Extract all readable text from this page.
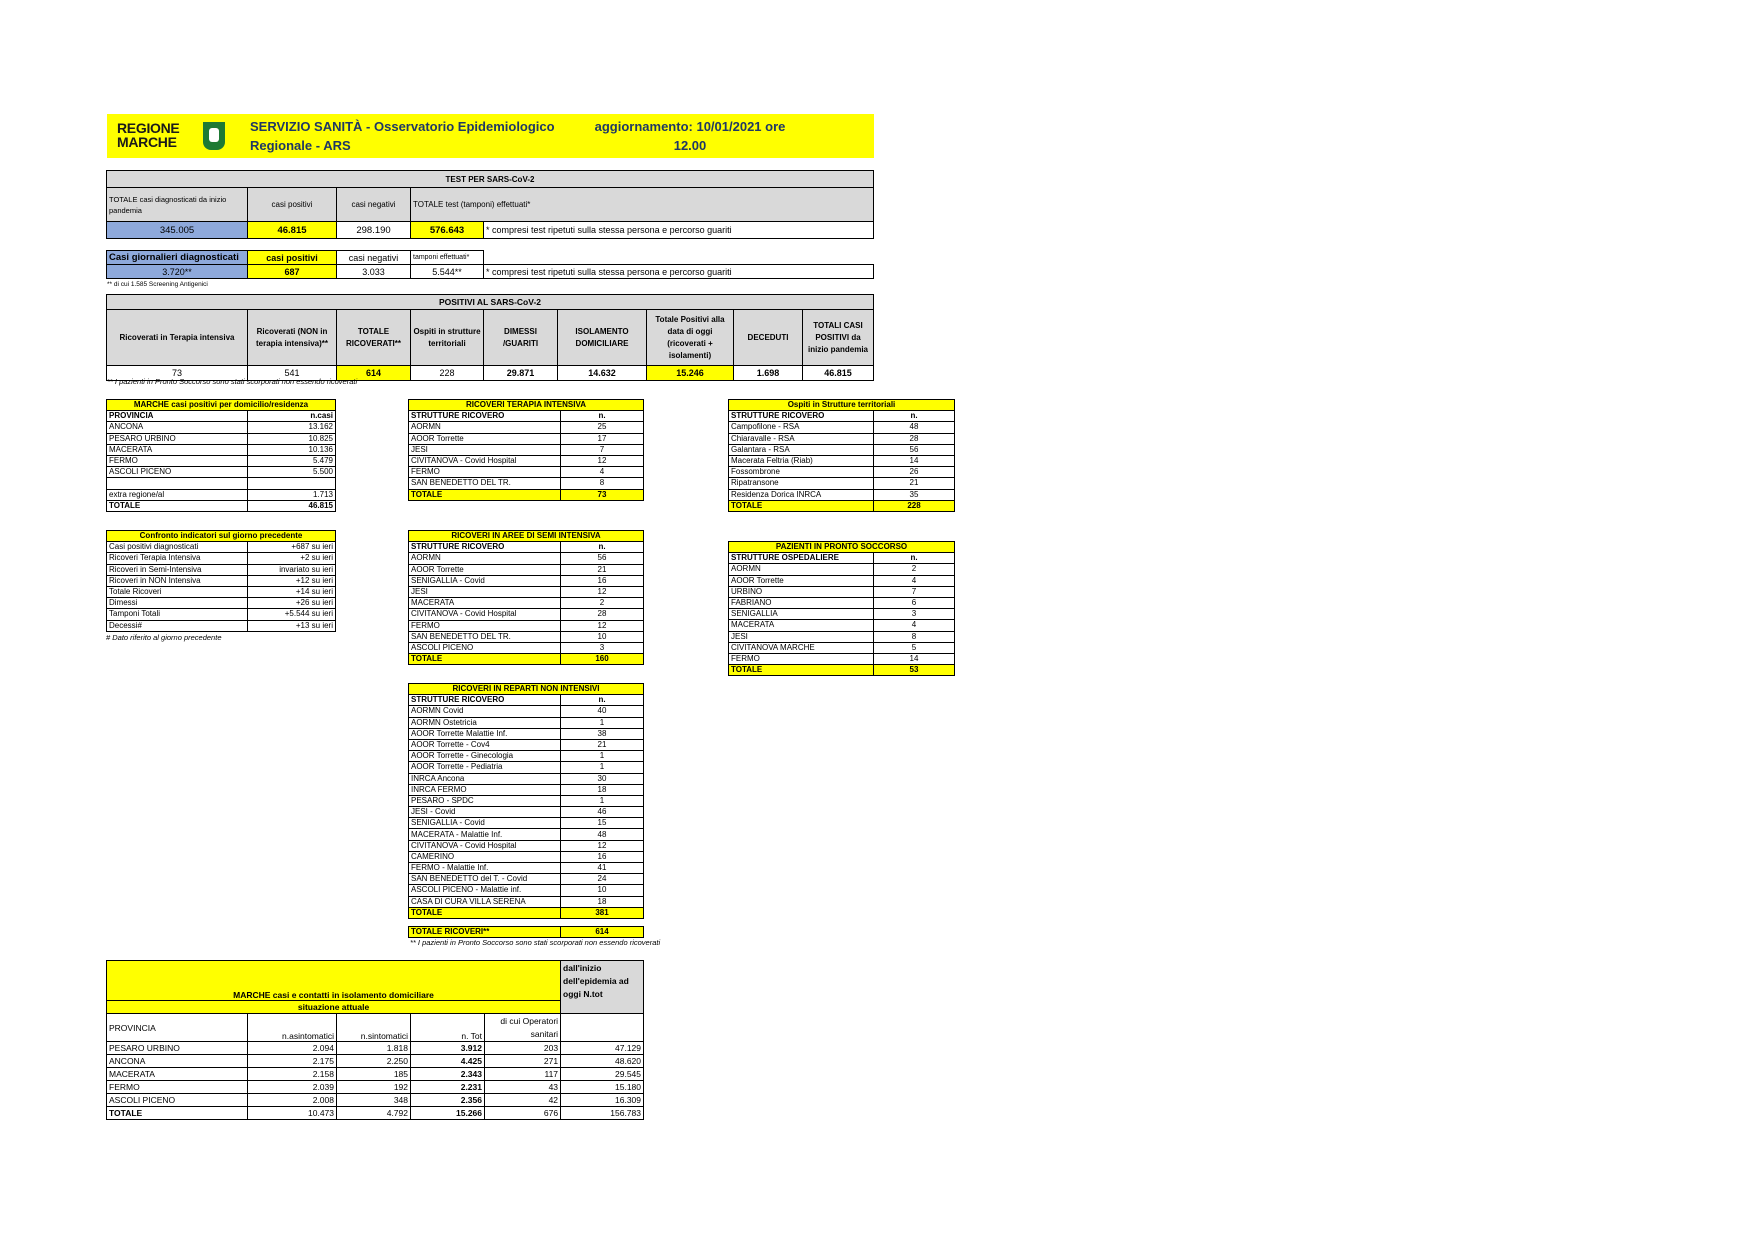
REGIONE
MARCHE
SERVIZIO SANITÀ - Osservatorio Epidemiologico Regionale - ARS
aggiornamento: 10/01/2021 ore 12.00
TEST PER SARS-CoV-2				
TOTALE casi diagnosticati da inizio pandemia	casi positivi	casi negativi	TOTALE test (tamponi) effettuati*	
345.005	46.815	298.190	576.643	* compresi test ripetuti sulla stessa persona e percorso guariti
Casi giornalieri diagnosticati	casi positivi	casi negativi	tamponi effettuati*	
3.720**	687	3.033	5.544**	* compresi test ripetuti sulla stessa persona e percorso guariti
** di cui 1.585 Screening Antigenici
POSITIVI AL SARS-CoV-2								
Ricoverati in Terapia intensiva	Ricoverati (NON in terapia intensiva)**	TOTALE RICOVERATI**	Ospiti in strutture territoriali	DIMESSI /GUARITI	ISOLAMENTO DOMICILIARE	Totale Positivi alla data di oggi (ricoverati + isolamenti)	DECEDUTI	TOTALI CASI POSITIVI da inizio pandemia
73	541	614	228	29.871	14.632	15.246	1.698	46.815
** I pazienti in Pronto Soccorso sono stati scorporati non essendo ricoverati
MARCHE casi positivi per domicilio/residenza	
PROVINCIA	n.casi
ANCONA	13.162
PESARO URBINO	10.825
MACERATA	10.136
FERMO	5.479
ASCOLI PICENO	5.500

extra regione/al	1.713
TOTALE	46.815
Confronto indicatori sul giorno precedente	
Casi positivi diagnosticati	+687 su ieri
Ricoveri Terapia Intensiva	+2 su ieri
Ricoveri in Semi-Intensiva	invariato su ieri
Ricoveri in NON Intensiva	+12 su ieri
Totale Ricoveri	+14 su ieri
Dimessi	+26 su ieri
Tamponi Totali	+5.544 su ieri
Decessi#	+13 su ieri
# Dato riferito al giorno precedente
RICOVERI TERAPIA INTENSIVA	
STRUTTURE RICOVERO	n.
AORMN	25
AOOR Torrette	17
JESI	7
CIVITANOVA - Covid Hospital	12
FERMO	4
SAN BENEDETTO DEL TR.	8
TOTALE	73
RICOVERI IN AREE DI SEMI INTENSIVA	
STRUTTURE RICOVERO	n.
AORMN	56
AOOR Torrette	21
SENIGALLIA - Covid	16
JESI	12
MACERATA	2
CIVITANOVA - Covid Hospital	28
FERMO	12
SAN BENEDETTO DEL TR.	10
ASCOLI PICENO	3
TOTALE	160
RICOVERI IN REPARTI NON INTENSIVI	
STRUTTURE RICOVERO	n.
AORMN Covid	40
AORMN Ostetricia	1
AOOR Torrette Malattie Inf.	38
AOOR Torrette - Cov4	21
AOOR Torrette - Ginecologia	1
AOOR Torrette - Pediatria	1
INRCA Ancona	30
INRCA FERMO	18
PESARO - SPDC	1
JESI - Covid	46
SENIGALLIA - Covid	15
MACERATA - Malattie Inf.	48
CIVITANOVA - Covid Hospital	12
CAMERINO	16
FERMO - Malattie Inf.	41
SAN BENEDETTO del T. - Covid	24
ASCOLI PICENO - Malattie inf.	10
CASA DI CURA VILLA SERENA	18
TOTALE	381
TOTALE RICOVERI**	614
** I pazienti in Pronto Soccorso sono stati scorporati non essendo ricoverati
Ospiti in Strutture territoriali	
STRUTTURE RICOVERO	n.
Campofilone - RSA	48
Chiaravalle - RSA	28
Galantara - RSA	56
Macerata Feltria (Riab)	14
Fossombrone	26
Ripatransone	21
Residenza Dorica INRCA	35
TOTALE	228
PAZIENTI IN PRONTO SOCCORSO	
STRUTTURE OSPEDALIERE	n.
AORMN	2
AOOR Torrette	4
URBINO	7
FABRIANO	6
SENIGALLIA	3
MACERATA	4
JESI	8
CIVITANOVA MARCHE	5
FERMO	14
TOTALE	53
MARCHE casi e contatti in isolamento domiciliare					dall'inizio dell'epidemia ad oggi N.tot
situazione attuale					
PROVINCIA	n.asintomatici	n.sintomatici	n. Tot	di cui Operatori sanitari	
PESARO URBINO	2.094	1.818	3.912	203	47.129
ANCONA	2.175	2.250	4.425	271	48.620
MACERATA	2.158	185	2.343	117	29.545
FERMO	2.039	192	2.231	43	15.180
ASCOLI PICENO	2.008	348	2.356	42	16.309
TOTALE	10.473	4.792	15.266	676	156.783
